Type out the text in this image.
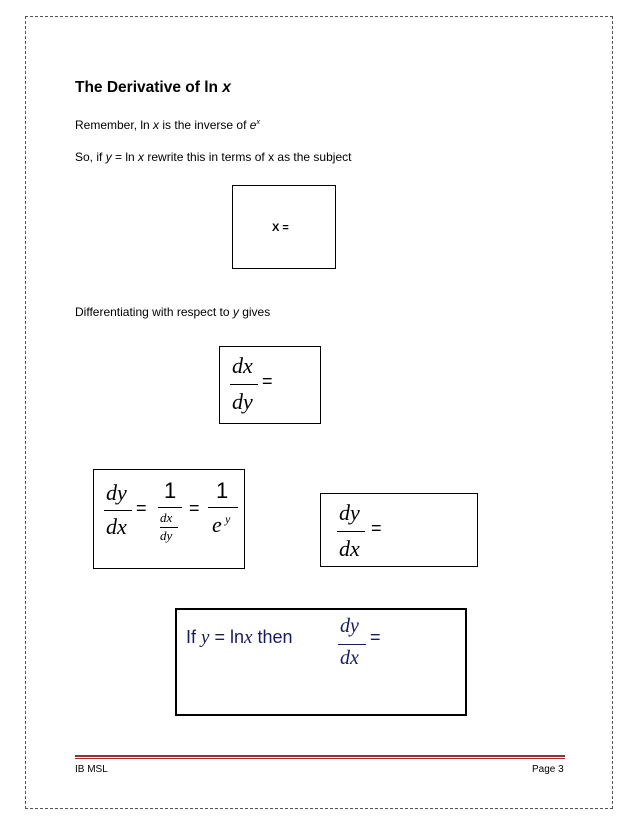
The Derivative of ln x
Remember, ln x is the inverse of $e^x$
So, if y = ln x rewrite this in terms of x as the subject
X =
Differentiating with respect to y gives
dx
dy
=
dy
dx
=
1
dx
dy
=
1
e y	dy
dx
=
If y = lnx then dy
dx
=
IB MSL	Page 3
